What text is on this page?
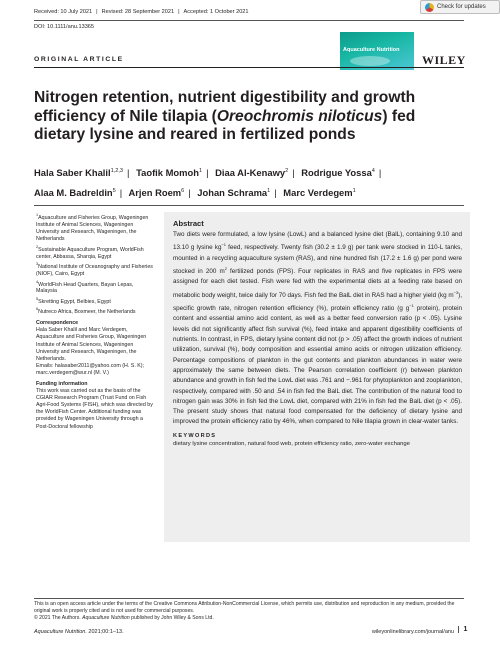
Check for updates
Received: 10 July 2021 | Revised: 28 September 2021 | Accepted: 1 October 2021
DOI: 10.1111/anu.13365
Aquaculture Nutrition
WILEY
ORIGINAL ARTICLE
Nitrogen retention, nutrient digestibility and growth efficiency of Nile tilapia (Oreochromis niloticus) fed dietary lysine and reared in fertilized ponds
Hala Saber Khalil$^{1,2,3}$ | Taofik Momoh$^1$ | Diaa Al-Kenawy$^2$ | Rodrigue Yossa$^4$ |
Alaa M. Badreldin$^5$ | Arjen Roem$^6$ | Johan Schrama$^1$ | Marc Verdegem$^1$
$^1$Aquaculture and Fisheries Group, Wageningen Institute of Animal Sciences, Wageningen University and Research, Wageningen, the Netherlands
$^2$Sustainable Aquaculture Program, WorldFish center, Abbassa, Sharqia, Egypt
$^3$National Institute of Oceanography and Fisheries (NIOF), Cairo, Egypt
$^4$WorldFish Head Quarters, Bayan Lepas, Malaysia
$^5$Skretting Egypt, Belbies, Egypt
$^6$Nutreco Africa, Boxmeer, the Netherlands
Correspondence
Hala Saber Khalil and Marc Verdegem, Aquaculture and Fisheries Group, Wageningen Institute of Animal Sciences, Wageningen University and Research, Wageningen, the Netherlands.
Emails: halasaber2011@yahoo.com (H. S. K); marc.verdegem@wur.nl (M. V.)
Funding information
This work was carried out as the basis of the CGIAR Research Program (Trust Fund on Fish Agri-Food Systems (FISH), which was directed by the WorldFish Center. Additional funding was provided by Wageningen University through a Post-Doctoral fellowship
Abstract

Two diets were formulated, a low lysine (LowL) and a balanced lysine diet (BalL), containing 9.10 and 13.10 g lysine $kg^{-1}$ feed, respectively. Twenty fish (30.2 ± 1.9 g) per tank were stocked in 110-L tanks, mounted in a recycling aquaculture system (RAS), and nine hundred fish (17.2 ± 1.6 g) per pond were stocked in 200 $m^2$ fertilized ponds (FPS). Four replicates in RAS and five replicates in FPS were assigned for each diet tested. Fish were fed with the experimental diets at a feeding rate based on metabolic body weight, twice daily for 70 days. Fish fed the BalL diet in RAS had a higher yield (kg $m^{-3}$), specific growth rate, nitrogen retention efficiency (%), protein efficiency ratio (g $g^{-1}$ protein), protein content and essential amino acid content, as well as a better feed conversion ratio (p < .05). Lysine levels did not significantly affect fish survival (%), feed intake and apparent digestibility coefficients of nutrients. In contrast, in FPS, dietary lysine content did not (p > .05) affect the growth indices of nutrient utilization, survival (%), body composition and essential amino acids or nitrogen utilization efficiency. Percentage compositions of plankton in the gut contents and plankton abundances in water were approximately the same between diets. The Pearson correlation coefficient (r) between plankton abundance and growth in fish fed the LowL diet was .761 and −.961 for phytoplankton and zooplankton, respectively, compared with .50 and .54 in fish fed the BalL diet. The contribution of the natural food to nitrogen gain was 30% in fish fed the LowL diet, compared with 21% in fish fed the BalL diet (p < .05). The present study shows that natural food compensated for the deficiency of dietary lysine and improved the protein efficiency ratio by 46%, when compared to Nile tilapia grown in clear-water tanks.

KEYWORDS
dietary lysine concentration, natural food web, protein efficiency ratio, zero-water exchange
This is an open access article under the terms of the Creative Commons Attribution-NonCommercial License, which permits use, distribution and reproduction in any medium, provided the original work is properly cited and is not used for commercial purposes.
© 2021 The Authors. Aquaculture Nutrition published by John Wiley & Sons Ltd.
Aquaculture Nutrition. 2021;00:1–13.	wileyonlinelibrary.com/journal/anu	1
